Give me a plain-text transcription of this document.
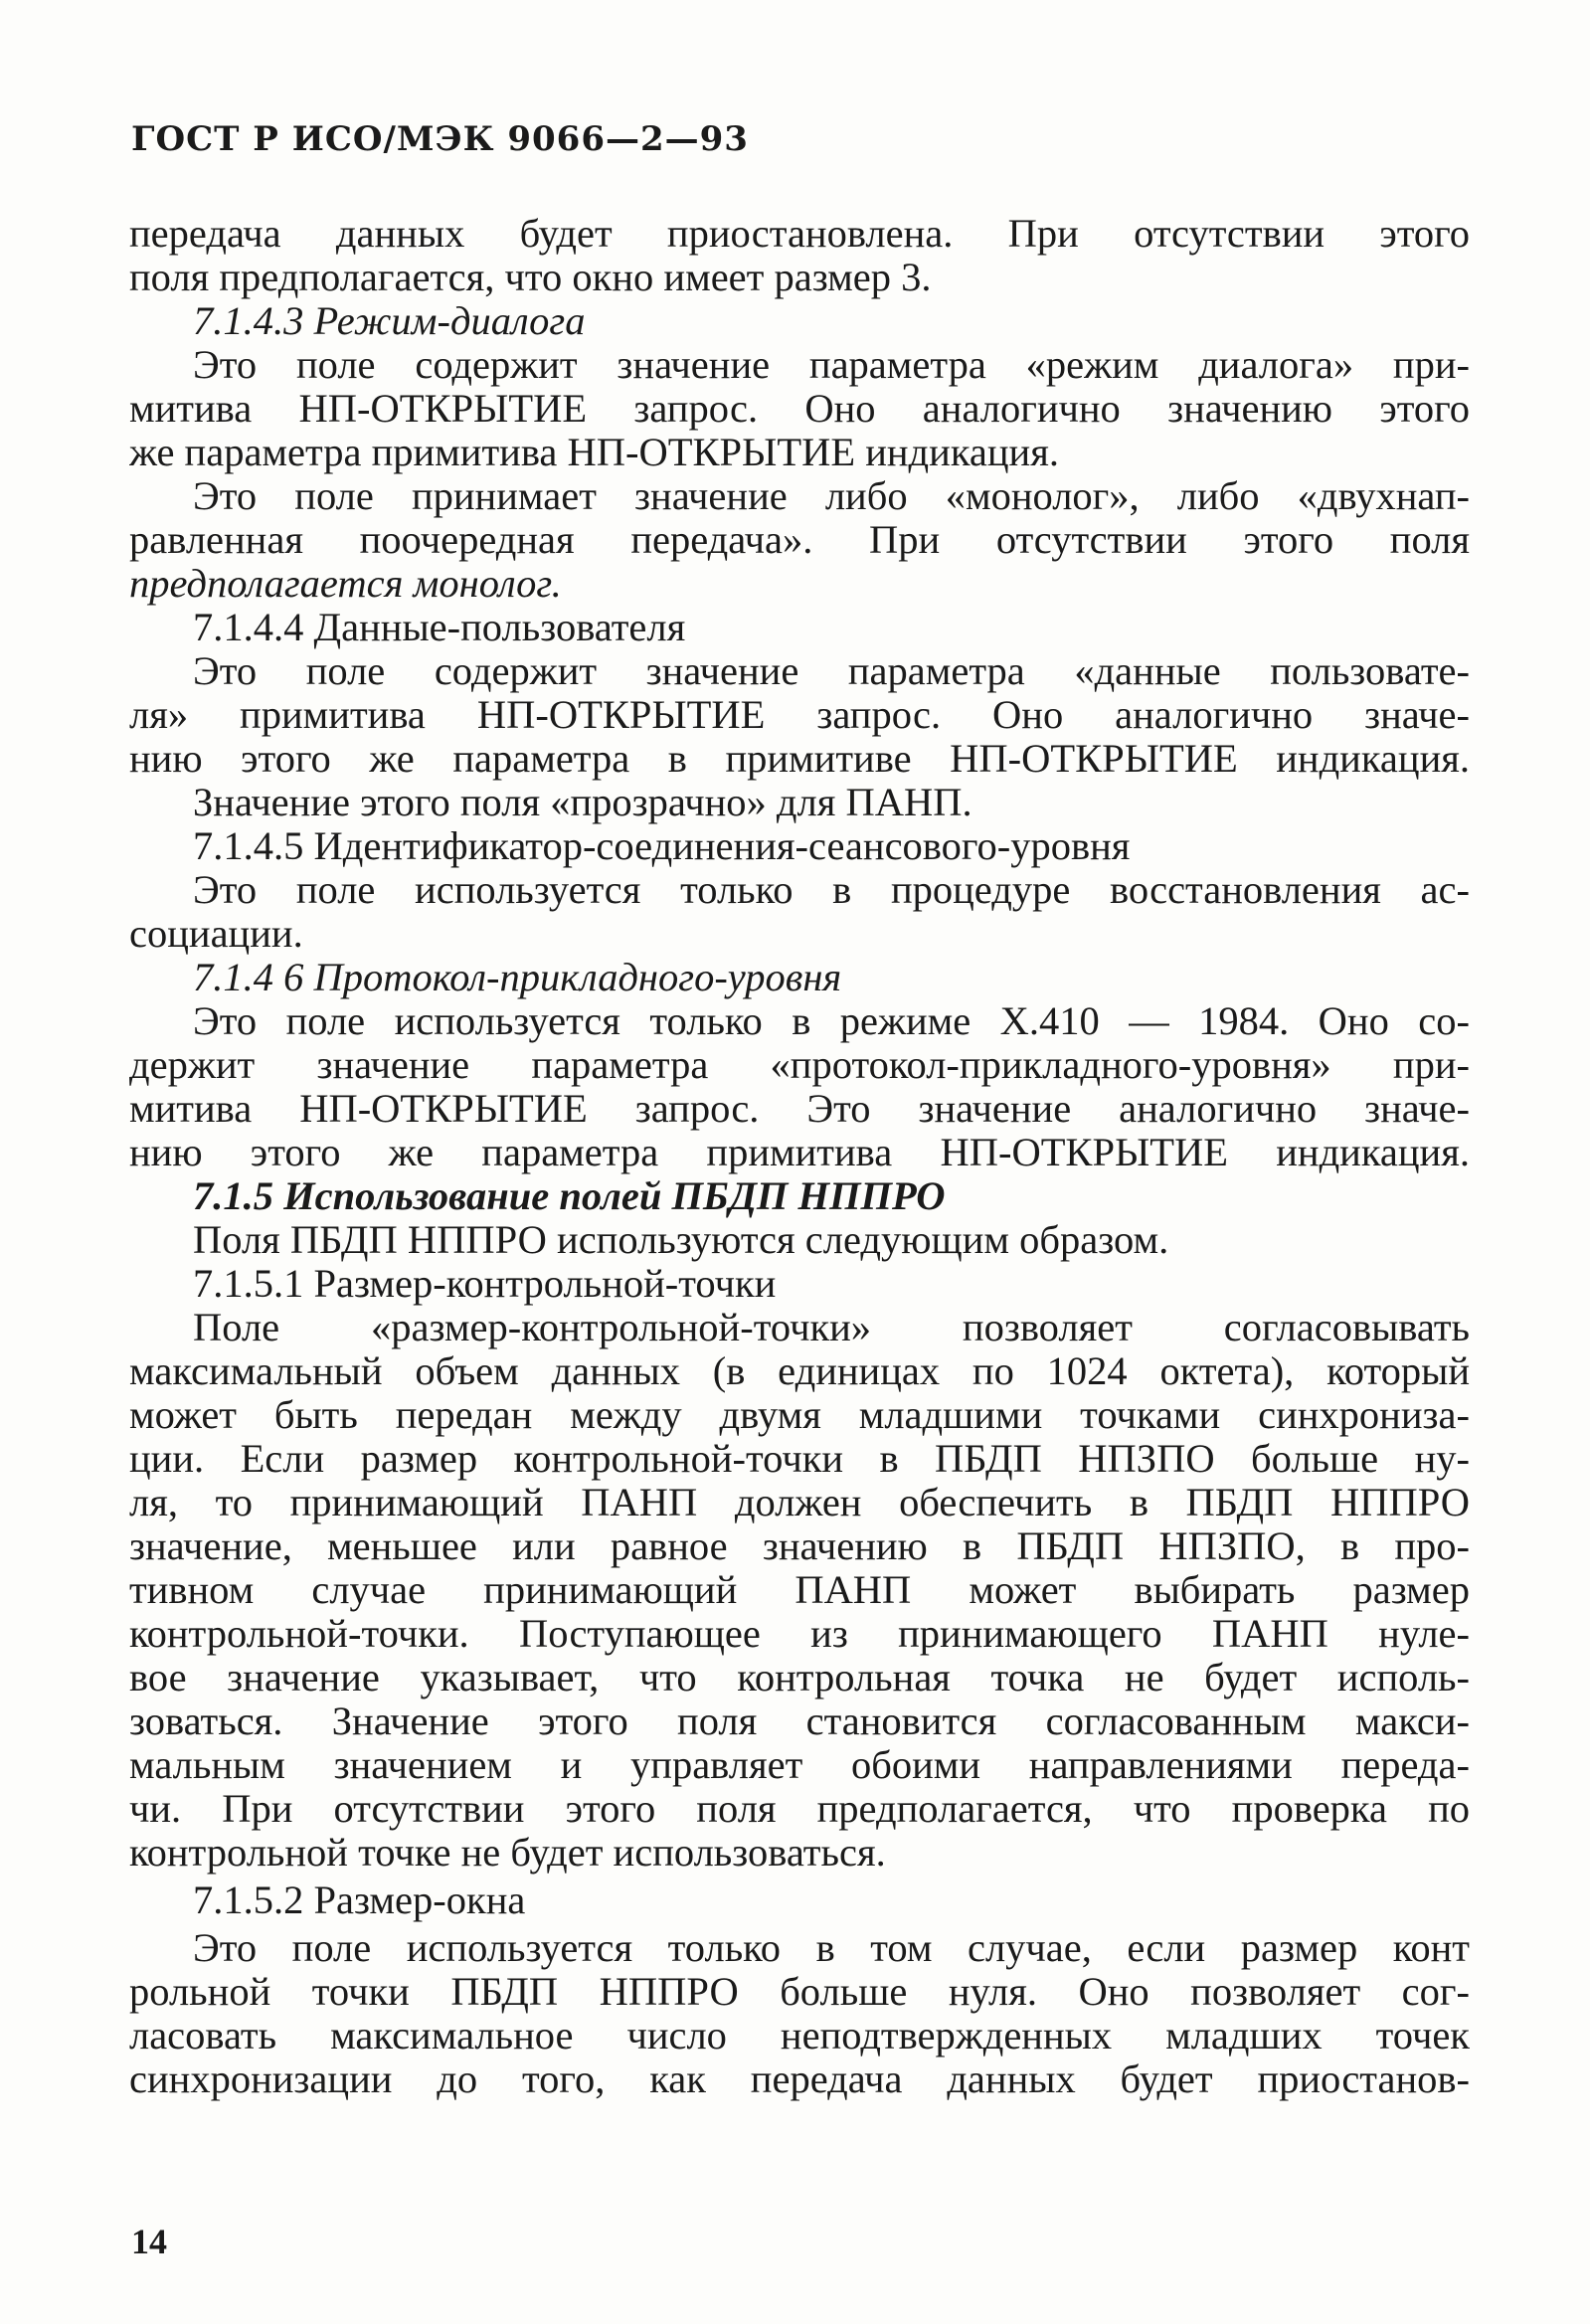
ГОСТ Р ИСО/МЭК 9066—2—93
передача данных будет приостановлена. При отсутствии этого
поля предполагается, что окно имеет размер 3.
7.1.4.3 Режим-диалога
Это поле содержит значение параметра «режим диалога» при-
митива НП-ОТКРЫТИЕ запрос. Оно аналогично значению этого
же параметра примитива НП-ОТКРЫТИЕ индикация.
Это поле принимает значение либо «монолог», либо «двухнап-
равленная поочередная передача». При отсутствии этого поля
предполагается монолог.
7.1.4.4 Данные-пользователя
Это поле содержит значение параметра «данные пользовате-
ля» примитива НП-ОТКРЫТИЕ запрос. Оно аналогично значе-
нию этого же параметра в примитиве НП-ОТКРЫТИЕ индикация.
Значение этого поля «прозрачно» для ПАНП.
7.1.4.5 Идентификатор-соединения-сеансового-уровня
Это поле используется только в процедуре восстановления ас-
социации.
7.1.4 6 Протокол-прикладного-уровня
Это поле используется только в режиме X.410 — 1984. Оно со-
держит значение параметра «протокол-прикладного-уровня» при-
митива НП-ОТКРЫТИЕ запрос. Это значение аналогично значе-
нию этого же параметра примитива НП-ОТКРЫТИЕ индикация.
7.1.5 Использование полей ПБДП НППРО
Поля ПБДП НППРО используются следующим образом.
7.1.5.1 Размер-контрольной-точки
Поле «размер-контрольной-точки» позволяет согласовывать
максимальный объем данных (в единицах по 1024 октета), который
может быть передан между двумя младшими точками синхрониза-
ции. Если размер контрольной-точки в ПБДП НПЗПО больше ну-
ля, то принимающий ПАНП должен обеспечить в ПБДП НППРО
значение, меньшее или равное значению в ПБДП НПЗПО, в про-
тивном случае принимающий ПАНП может выбирать размер
контрольной-точки. Поступающее из принимающего ПАНП нуле-
вое значение указывает, что контрольная точка не будет исполь-
зоваться. Значение этого поля становится согласованным макси-
мальным значением и управляет обоими направлениями переда-
чи. При отсутствии этого поля предполагается, что проверка по
контрольной точке не будет использоваться.
7.1.5.2 Размер-окна
Это поле используется только в том случае, если размер конт
рольной точки ПБДП НППРО больше нуля. Оно позволяет сог-
ласовать максимальное число неподтвержденных младших точек
синхронизации до того, как передача данных будет приостанов-
14
